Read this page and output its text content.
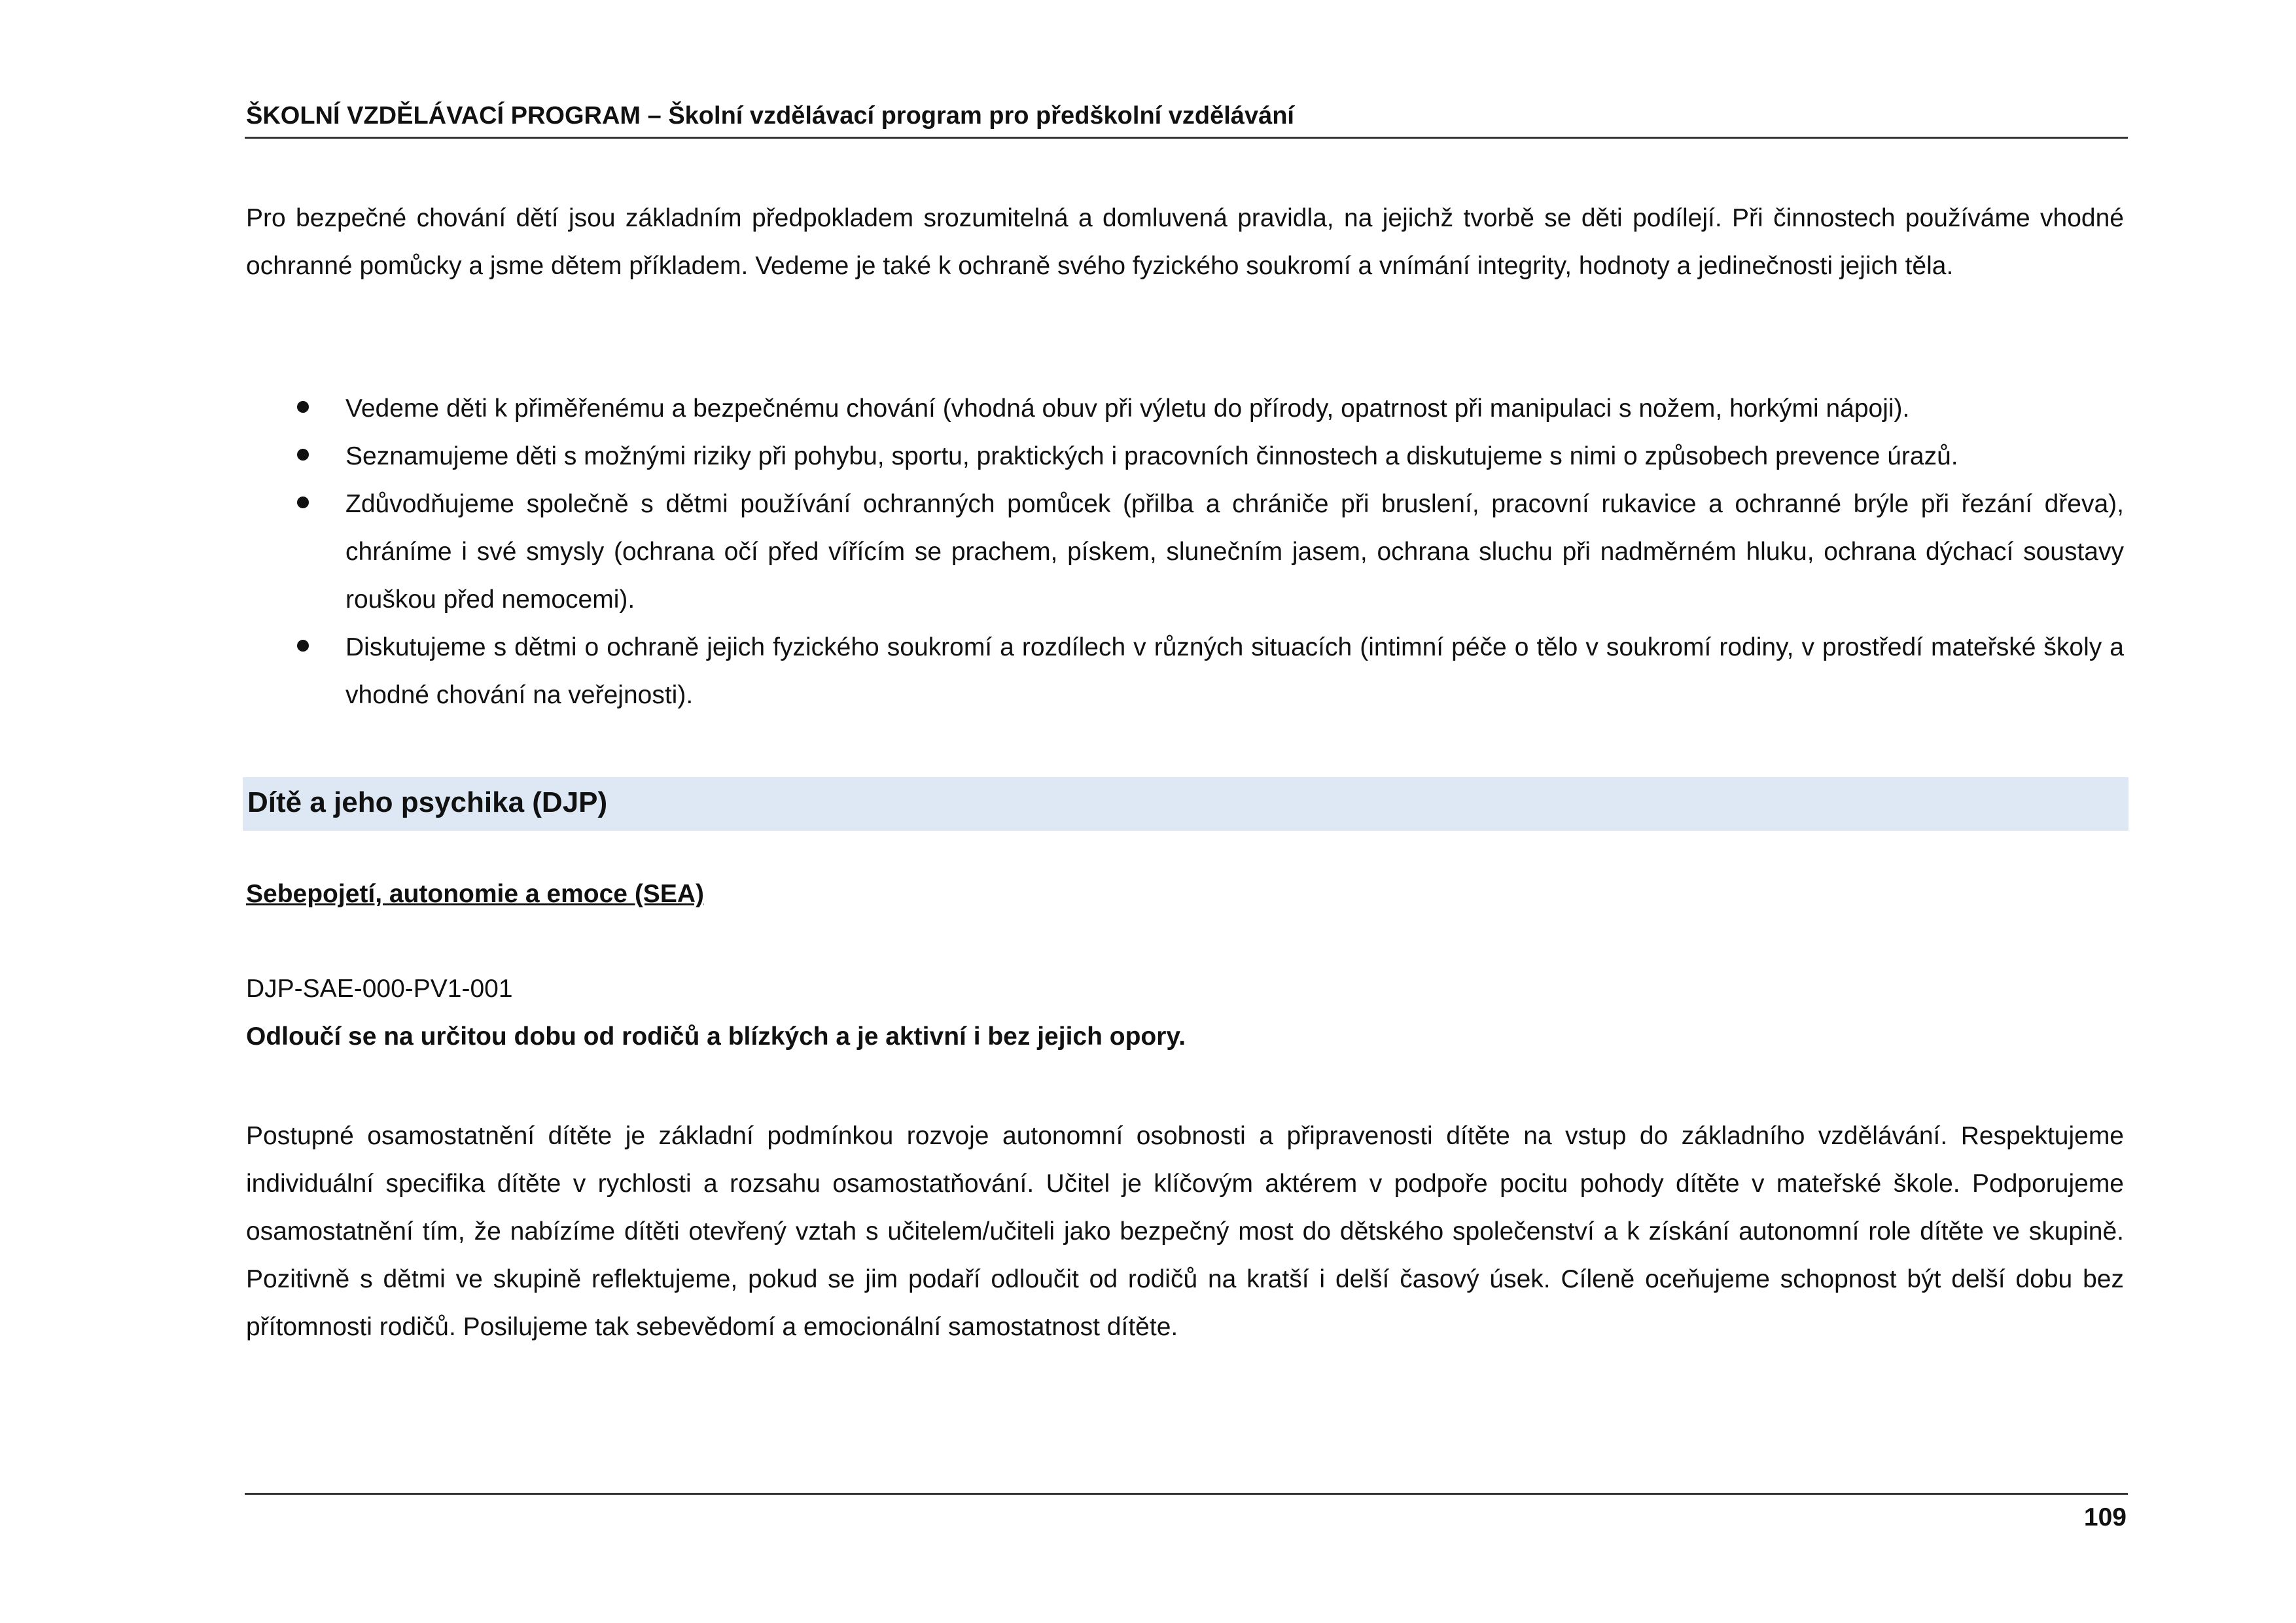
ŠKOLNÍ VZDĚLÁVACÍ PROGRAM – Školní vzdělávací program pro předškolní vzdělávání

Pro bezpečné chování dětí jsou základním předpokladem srozumitelná a domluvená pravidla, na jejichž tvorbě se děti podílejí. Při činnostech používáme vhodné ochranné pomůcky a jsme dětem příkladem. Vedeme je také k ochraně svého fyzického soukromí a vnímání integrity, hodnoty a jedinečnosti jejich těla.

Vedeme děti k přiměřenému a bezpečnému chování (vhodná obuv při výletu do přírody, opatrnost při manipulaci s nožem, horkými nápoji).
Seznamujeme děti s možnými riziky při pohybu, sportu, praktických i pracovních činnostech a diskutujeme s nimi o způsobech prevence úrazů.
Zdůvodňujeme společně s dětmi používání ochranných pomůcek (přilba a chrániče při bruslení, pracovní rukavice a ochranné brýle při řezání dřeva), chráníme i své smysly (ochrana očí před vířícím se prachem, pískem, slunečním jasem, ochrana sluchu při nadměrném hluku, ochrana dýchací soustavy rouškou před nemocemi).
Diskutujeme s dětmi o ochraně jejich fyzického soukromí a rozdílech v různých situacích (intimní péče o tělo v soukromí rodiny, v prostředí mateřské školy a vhodné chování na veřejnosti).
Dítě a jeho psychika (DJP)
Sebepojetí, autonomie a emoce (SEA)
DJP-SAE-000-PV1-001
Odloučí se na určitou dobu od rodičů a blízkých a je aktivní i bez jejich opory.

Postupné osamostatnění dítěte je základní podmínkou rozvoje autonomní osobnosti a připravenosti dítěte na vstup do základního vzdělávání. Respektujeme individuální specifika dítěte v rychlosti a rozsahu osamostatňování. Učitel je klíčovým aktérem v podpoře pocitu pohody dítěte v mateřské škole. Podporujeme osamostatnění tím, že nabízíme dítěti otevřený vztah s učitelem/učiteli jako bezpečný most do dětského společenství a k získání autonomní role dítěte ve skupině. Pozitivně s dětmi ve skupině reflektujeme, pokud se jim podaří odloučit od rodičů na kratší i delší časový úsek. Cíleně oceňujeme schopnost být delší dobu bez přítomnosti rodičů. Posilujeme tak sebevědomí a emocionální samostatnost dítěte.

109
